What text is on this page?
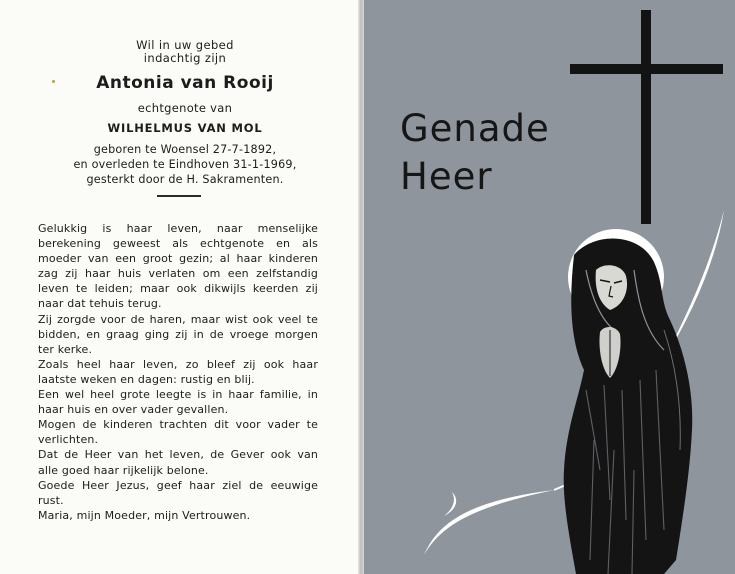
Wil in uw gebed
indachtig zijn
Antonia van Rooij
echtgenote van
WILHELMUS VAN MOL
geboren te Woensel 27-7-1892,
en overleden te Eindhoven 31-1-1969,
gesterkt door de H. Sakramenten.

Gelukkig is haar leven, naar menselijke berekening geweest als echtgenote en als moeder van een groot gezin; al haar kinderen zag zij haar huis verlaten om een zelfstandig leven te leiden; maar ook dikwijls keerden zij naar dat tehuis terug.

Zij zorgde voor de haren, maar wist ook veel te bidden, en graag ging zij in de vroege morgen ter kerke.

Zoals heel haar leven, zo bleef zij ook haar laatste weken en dagen: rustig en blij.

Een wel heel grote leegte is in haar familie, in haar huis en over vader gevallen.

Mogen de kinderen trachten dit voor vader te verlichten.

Dat de Heer van het leven, de Gever ook van alle goed haar rijkelijk belone.

Goede Heer Jezus, geef haar ziel de eeuwige rust.

Maria, mijn Moeder, mijn Vertrouwen.

Genade
Heer
